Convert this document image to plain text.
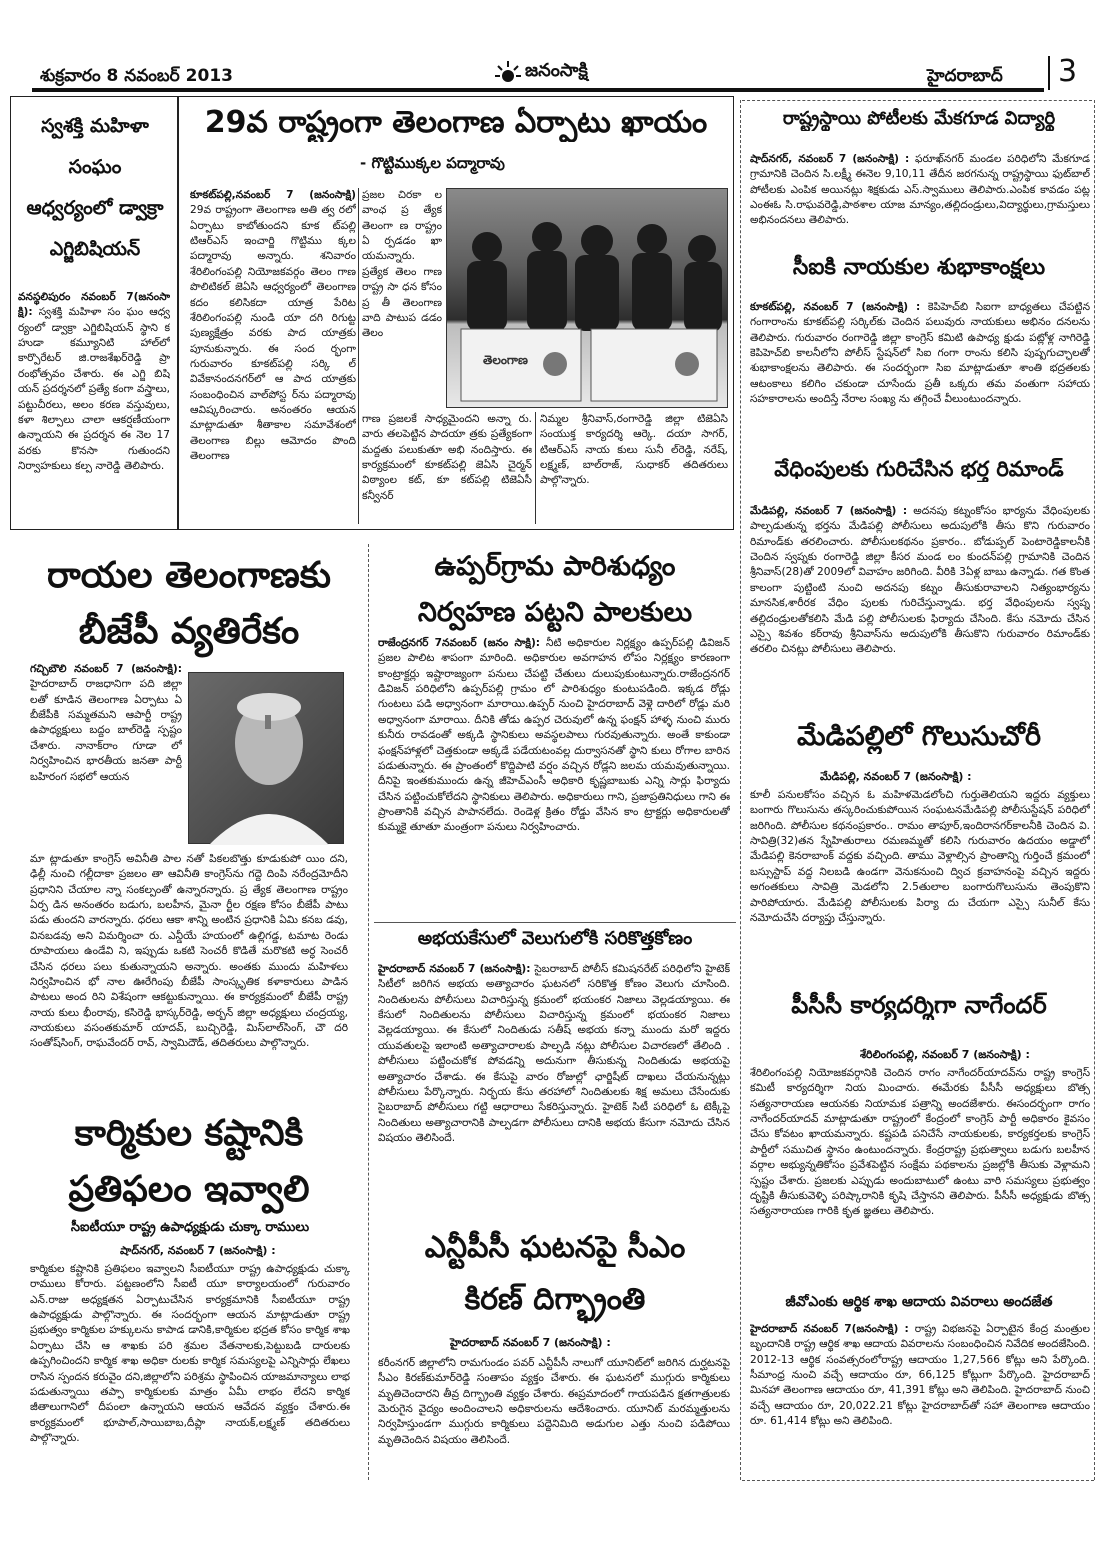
శుక్రవారం 8 నవంబర్ 2013	జనంసాక్షి	హైదరాబాద్ 3
స్వశక్తి మహిళా
సంఘం
ఆధ్వర్యంలో డ్వాక్రా
ఎగ్జిబిషియన్
వనస్థలిపురం నవంబర్ 7(జనంసా క్షి): స్వశక్తి మహిళా సం ఘం ఆధ్వ ర్యంలో డ్వాక్రా ఎగ్జిబిషియన్ స్థాని క హుడా కమ్యూనిటి హాల్‌లో కార్పొరేటర్ జి.రాజశేఖర్‌రెడ్డి ప్రా రంభోత్సవం చేశారు. ఈ ఎగ్జి బిషి యన్ ప్రదర్శనలో ప్రత్యే కంగా వస్త్రాలు, పట్టుచీరలు, అలం కరణ వస్తువులు, కళా శిల్పాలు చాలా ఆకర్షణీయంగా ఉన్నాయని ఈ ప్రదర్శన ఈ నెల 17 వరకు కొనసా గుతుందని నిర్వాహకులు కల్ప నారెడ్డి తెలిపారు.
29వ రాష్ట్రంగా తెలంగాణ ఏర్పాటు ఖాయం
- గొట్టిముక్కల పద్మారావు
కూకట్‌పల్లి,నవంబర్ 7 (జనంసాక్షి) 29వ రాష్ట్రంగా తెలంగాణ అతి త్వ రలో ఏర్పాటు కాబోతుందని కూక ట్‌పల్లి టిఆర్ఎస్ ఇంచార్జి గొట్టిము క్కల పద్మారావు అన్నారు. శనివారం శేరిలింగంపల్లి నియోజకవర్గం తెలం గాణ పొలిటికల్ జెఏసి ఆధ్వర్యంలో తెలంగాణ కదం కలిసికదా యాత్ర పేరిట శేరిలింగంపల్లి నుండి యా దగి రిగుట్ట పుణ్యక్షేత్రం వరకు పాద యాత్రకు పూనుకున్నారు. ఈ సంద ర్భంగా గురువారం కూకట్‌పల్లి సర్కి ల్ వివేకానందనగర్‌లో ఆ పాద యాత్రకు సంబంధించిన వాల్‌పోస్ట ర్‌ను పద్మారావు ఆవిష్కరించారు. అనంతరం ఆయన మాట్లాడుతూ శీతాకాల సమావేశంలో తెలంగాణ బిల్లు ఆమోదం పొంది తెలంగాణ
ప్రజల చిరకా ల వాంఛ ప్ర త్యేక తెలంగా ణ రాష్ట్రం ఏ ర్పడడం ఖా యమన్నారు. ప్రత్యేక తెలం గాణ రాష్ట్ర సా ధన కోసం ప్ర తీ తెలంగాణ వాది పాటుప డడం తెలం
గాణ ప్రజలకే సాధ్యమైందని అన్నా రు. వారు తలపెట్టిన పాదయా త్రకు ప్రత్యేకంగా మద్దతు పలుకుతూ అభి నందిస్తారు. ఈ కార్యక్రమంలో కూకట్‌పల్లి జెఏసి చైర్మన్ విఠ్యాంల కట్, కూ కట్‌పల్లి టిజెఏసీ కన్వీనర్
నిమ్మల శ్రీనివాస్,రంగారెడ్డి జిల్లా టిజెఏసి సంయుక్త కార్యదర్శి ఆర్కె. దయా సాగర్, టిఆర్ఎస్ నాయ కులు సునీ ల్‌రెడ్డి, నరేష్, లక్ష్మణ్, బాల్‌రాజ్, సుధాకర్ తదితరులు పాల్గొన్నారు.
తెలంగాణ
రాష్ట్రస్థాయి పోటీలకు మేకగూడ విద్యార్థి
షాద్‌నగర్, నవంబర్ 7 (జనంసాక్షి) : ఫరూఖ్‌నగర్ మండల పరిధిలోని మేకగూడ గ్రామానికి చెందిన సి.లక్ష్మీ ఈనెల 9,10,11 తేదీన జరగనున్న రాష్ట్రస్థాయి ఫుట్‌బాల్ పోటీలకు ఎంపిక అయినట్లు శిక్షకుడు ఎస్.స్వాములు తెలిపారు.ఎంపిక కావడం పట్ల ఎంఈఓ సి.రాఘవరెడ్డి,పాఠశాల యాజ మాన్యం,తల్లిదండ్రులు,విద్యార్థులు,గ్రామస్తులు అభినందనలు తెలిపారు.
సీఐకి నాయకుల శుభాకాంక్షలు
కూకట్‌పల్లి, నవంబర్ 7 (జనంసాక్షి) : కెపిహెచ్‌బి సిఐగా బాధ్యతలు చేపట్టిన గంగారాంను కూకట్‌పల్లి సర్కిల్‌కు చెందిన పలువురు నాయకులు అభినం దనలను తెలిపారు. గురువారం రంగారెడ్డి జిల్లా కాంగ్రెస్ కమిటి ఉపాధ్య క్షుడు పట్లోళ్ల నాగిరెడ్డి కెపిహెచ్‌బి కాలనీలోని పోలీస్ స్టేషన్‌లో సిఐ గంగా రాంను కలిసి పుష్పగుచ్ఛాలతో శుభాకాంక్షలను తెలిపారు. ఈ సందర్భంగా సిఐ మాట్లాడుతూ శాంతి భద్రతలకు ఆటంకాలు కలిగిం చకుండా చూసేందు ప్రతీ ఒక్కరు తమ వంతుగా సహాయ సహకారాలను అందిస్తే నేరాల సంఖ్య ను తగ్గించే వీలుంటుందన్నారు.
వేధింపులకు గురిచేసిన భర్త రిమాండ్
మేడిపల్లి, నవంబర్ 7 (జనంసాక్షి) : అదనపు కట్నంకోసం భార్యను వేధింపులకు పాల్పడుతున్న భర్తను మేడిపల్లి పోలీసులు అదుపులోకి తీసు కొని గురువారం రిమాండ్‌కు తరలించారు. పోలీసులకథనం ప్రకారం.. బోడుప్పల్ పెంటారెడ్డికాలనీకి చెందిన స్వప్నకు రంగారెడ్డి జిల్లా కీసర మండ లం కుందన్‌పల్లి గ్రామానికి చెందిన శ్రీనివాస్(28)తో 2009లో వివాహం జరిగింది. వీరికి 3ఏళ్ల బాబు ఉన్నాడు. గత కొంత కాలంగా పుట్టింటి నుంచి అదనపు కట్నం తీసుకురావాలని నిత్యంభార్యను మానసిక,శారీరక వేధిం పులకు గురిచేస్తున్నాడు. భర్త వేధింపులను స్వప్న తల్లిదండ్రులతోకలిసి మేడి పల్లి పోలీసులకు ఫిర్యాదు చేసింది. కేసు నమోదు చేసిన ఎస్సై శివశం కర్‌రావు శ్రీనివాస్‌ను అదుపులోకి తీసుకొని గురువారం రిమాండ్‌కు తరలిం చినట్లు పోలీసులు తెలిపారు.
మేడిపల్లిలో గొలుసుచోరీ
మేడిపల్లి, నవంబర్ 7 (జనంసాక్షి) :
కూలీ పనులకోసం వచ్చిన ఓ మహిళమెడలోంచి గుర్తుతెలియని ఇద్దరు వ్యక్తులు బంగారు గొలుసును తస్కరించుకుపోయిన సంఘటనమేడిపల్లి పోలీసుస్టేషన్ పరిధిలో జరిగింది. పోలీసుల కథనంప్రకారం.. రామం తాపూర్,ఇందిరానగర్‌కాలనీకి చెందిన వి. సావిత్రి(32)తన స్నేహితురాలు రమణమ్మతో కలిసి గురువారం ఉదయం అడ్డాలో మేడిపల్లి కెనరాబాంక్ వద్దకు వచ్చింది. తాము వెళ్లాల్సిన ప్రాంతాన్ని గుర్తించే క్రమంలో బస్సుస్టాప్ వద్ద నిలబడి ఉండగా వెనుకనుంచి ద్విచ క్రవాహనంపై వచ్చిన ఇద్దరు అగంతకులు సావిత్రి మెడలోని 2.5తులాల బంగారుగొలుసును తెంపుకొని పారిపోయారు. మేడిపల్లి పోలీసులకు పిర్యా దు చేయగా ఎస్సై సునీల్ కేసు నమోదుచేసి దర్యాప్తు చేస్తున్నారు.
పీసీసీ కార్యదర్శిగా నాగేందర్
శేరిలింగంపల్లి, నవంబర్ 7 (జనంసాక్షి) :
శేరిలింగంపల్లి నియోజకవర్గానికి చెందిన రాగం నాగేందర్‌యాదవ్‌ను రాష్ట్ర కాంగ్రెస్ కమిటీ కార్యదర్శిగా నియ మించారు. ఈమేరకు పీసీసీ అధ్యక్షులు బొత్స సత్యనారాయణ ఆయనకు నియామక పత్రాన్ని అందజేశారు. ఈసందర్భంగా రాగం నాగేందర్‌యాదవ్ మాట్లాడుతూ రాష్ట్రంలో కేంద్రంలో కాంగ్రెస్ పార్టీ అధికారం కైవసం చేసు కోవటం ఖాయమన్నారు. కష్టపడి పనిచేసే నాయకులకు, కార్యకర్తలకు కాంగ్రెస్ పార్టీలో సముచిత స్థానం ఉంటుందన్నారు. కేంద్రరాష్ట్ర ప్రభుత్వాలు బడుగు బలహీన వర్గాల అభ్యున్నతికోసం ప్రవేశపెట్టిన సంక్షేమ పథకాలను ప్రజల్లోకి తీసుకు వెళ్లామని స్పష్టం చేశారు. ప్రజలకు ఎప్పుడు అందుబాటులో ఉంటు వారి సమస్యలు ప్రభుత్వం దృష్టికి తీసుకువెళ్ళి పరిష్కారానికి కృషి చేస్తానని తెలిపారు. పీసీసీ అధ్యక్షుడు బొత్స సత్యనారాయణ గారికి కృత జ్ఞతలు తెలిపారు.
జీవోఎంకు ఆర్థిక శాఖ ఆదాయ వివరాలు అందజేత
హైదరాబాద్ నవంబర్ 7(జనంసాక్షి) : రాష్ట్ర విభజనపై ఏర్పాటైన కేంద్ర మంత్రుల బృందానికి రాష్ట్ర ఆర్థిక శాఖ ఆదాయ వివరాలను సంబంధించిన నివేదిక అందజేసింది. 2012-13 ఆర్థిక సంవత్సరంలోరాష్ట్ర ఆదాయం 1,27,566 కోట్లు అని పేర్కొంది. సీమాంధ్ర నుంచి వచ్చే ఆదాయం రూ, 66,125 కోట్లుగా పేర్కొంది. హైదరాబాద్ మినహా తెలంగాణ ఆదాయం రూ, 41,391 కోట్లు అని తెలిపింది. హైదరాబాద్ నుంచి వచ్చే ఆదాయం రూ, 20,022.21 కోట్లు హైదరాబాద్‌తో సహా తెలంగాణ ఆదాయం రూ. 61,414 కోట్లు అని తెలిపింది.
రాయల తెలంగాణకు
బీజేపీ వ్యతిరేకం
గచ్చిబౌలి నవంబర్ 7 (జనంసాక్షి): హైదరాబాద్ రాజధానిగా పది జిల్లా లతో కూడిన తెలంగాణ ఏర్పాటు ఏ బీజేపీకి సమ్మతమని ఆపార్టీ రాష్ట్ర ఉపాధ్యక్షులు బద్దం బాల్‌రెడ్డి స్పష్టం చేశారు. నానాక్‌రాం గూడా లో నిర్వహించిన భారతీయ జనతా పార్టీ బహిరంగ సభలో ఆయన
మా ట్లాడుతూ కాంగ్రెస్ అవినీతి పాల నతో పికలబొత్తు కూడుకుపో యిం దని, ఢిల్లీ నుంచి గల్లీదాకా ప్రజలం తా ఆవినీతి కాంగ్రెస్‌ను గద్దె దింపి నరేంద్రమోదీని ప్రధానిని చేయాల న్నా సంకల్పంతో ఉన్నారన్నారు. ప్ర త్యేక తెలంగాణ రాష్ట్రం ఏర్ప డిన అనంతరం బడుగు, బలహీన, మైనా ర్టీల రక్షణ కోసం బీజేపీ పాటు పడు తుందని వారన్నారు. ధరలు ఆకా శాన్ని అంటిన ప్రధానికి ఏమి కనబ డవు, వినబడవు అని విమర్శించా రు. ఎన్డీయే హయంలో ఉల్లిగడ్డ, టమాట రెండు రూపాయలు ఉండేవి ని, ఇప్పుడు ఒకటి సెంచరీ కొడితే మరొకటి అర్ధ సెంచరీ చేసిన ధరలు పలు కుతున్నాయని అన్నారు. అంతకు ముందు మహిళలు నిర్వహించిన భో నాల ఊరేగింపు బీజేపీ సాంస్కృతిక కళాకారులు పాడిన పాటలు అంద రిని విశేషంగా ఆకట్టుకున్నాయి. ఈ కార్యక్రమంలో బీజేపీ రాష్ట్ర నాయ కులు భీంరావు, కసిరెడ్డి భాస్కర్‌రెడ్డి, అర్బన్ జిల్లా అధ్యక్షులు చంద్రయ్య, నాయకులు వసంతకుమార్ యాదవ్, బుచ్చిరెడ్డి, మిస్‌లాల్‌సింగ్, చౌ దరి సంతోష్‌సింగ్, రాఘవేందర్ రావ్, స్వామిదౌడ్, తదితరులు పాల్గొన్నారు.
కార్మికుల కష్టానికి
ప్రతిఫలం ఇవ్వాలి
సీఐటీయూ రాష్ట్ర ఉపాధ్యక్షుడు చుక్కా రాములు
షాద్‌నగర్, నవంబర్ 7 (జనంసాక్షి) :
కార్మికుల కష్టానికి ప్రతిఫలం ఇవ్వాలని సీఐటీయూ రాష్ట్ర ఉపాధ్యక్షుడు చుక్కా రాములు కోరారు. పట్టణంలోని సీఐటీ యూ కార్యాలయంలో గురువారం ఎన్.రాజు అధ్యక్షతన ఏర్పాటుచేసిన కార్యక్రమానికి సీఐటీయూ రాష్ట్ర ఉపాధ్యక్షుడు పాల్గొన్నారు. ఈ సందర్భంగా ఆయన మాట్లాడుతూ రాష్ట్ర ప్రభుత్వం కార్మికుల హక్కులను కాపాడ డానికి,కార్మికుల భద్రత కోసం కార్మిక శాఖ ఏర్పాటు చేసి ఆ శాఖకు పరి శ్రమల వేతనాలకు,పెట్టుబడి దారులకు ఉప్పగించిందని కార్మిక శాఖ అధికా రులకు కార్మిక సమస్యలపై ఎన్నిసార్లు లేఖలు రాసిన స్పందన కరువైం దని,జిల్లాలోని పరిశ్రమ స్థాపించిన యాజమాన్యాలు లాభ పడుతున్నాయి తప్పా కార్మికులకు మాత్రం ఏమీ లాభం లేదని కార్మిక జీతాలుగానిలో దీపంలా ఉన్నాయని ఆయన ఆవేదన వ్యక్తం చేశారు.ఈ కార్యక్రమంలో భూపాల్,సాయిబాబ,దీప్లా నాయక్,లక్ష్మణ్ తదితరులు పాల్గొన్నారు.
ఉప్పర్‌గ్రామ పారిశుధ్యం
నిర్వహణ పట్టని పాలకులు
రాజేంద్రనగర్ 7నవంబర్ (జనం సాక్షి): నీటి అధికారుల నిర్లక్ష్యం ఉప్పర్‌పల్లి డివిజన్ ప్రజల పాలిట శాపంగా మారింది. అధికారుల అవగాహన లోపం నిర్లక్ష్యం కారణంగా కాంట్రాక్టర్లు ఇష్టారాజ్యంగా పనులు చేపట్టి చేతులు దులుపుకుంటున్నారు.రాజేంద్రనగర్ డివిజన్ పరిధిలోని ఉప్పర్‌పల్లి గ్రామం లో పారిశుధ్యం కుంటుపడింది. ఇక్కడ రోడ్లు గుంటలు పడి అధ్వానంగా మారాయి.ఉప్పర్ నుంచి హైదరాబాద్ వెళ్లె దారిలో రోడ్లు మరి అధ్వానంగా మారాయి. దీనికి తోడు ఉప్పర చెరువులో ఉన్న ఫంక్షన్ హాళ్ళ నుంచి మురు కునీరు రావడంతో అక్కడి స్థానికులు అవస్థలపాలు గురవుతున్నారు. అంతే కాకుండా ఫంక్షన్‌హాళ్లలో చెత్తకుండా అక్కడే పడేయటంవల్ల దుర్వాసనతో స్థాని కులు రోగాల బారిన పడుతున్నారు. ఈ ప్రాంతంలో కొద్దిపాటి వర్షం వచ్చిన రోడ్లని జలమ యమవుతున్నాయి. దీనిపై ఇంతకుముందు ఉన్న జీహెచ్ఎంసీ అధికారి కృష్ణబాబుకు ఎన్ని సార్లు ఫిర్యాదు చేసిన పట్టించుకోలేదని స్థానికులు తెలిపారు. అధికారులు గాని, ప్రజాప్రతినిధులు గాని ఈ ప్రాంతానికి వచ్చిన పాపానలేదు. రెండెళ్ల క్రితం రోడ్డు వేసిన కాం ట్రాక్టర్లు అధికారులతో కుమ్మకై తూతూ మంత్రంగా పనులు నిర్వహించారు.
అభయకేసులో వెలుగులోకి సరికొత్తకోణం
హైదరాబాద్ నవంబర్ 7 (జనంసాక్షి): సైబరాబాద్ పోలీస్ కమిషనరేట్ పరిధిలోని హైటెక్ సిటీలో జరిగిన అభయ అత్యాచారం ఘటనలో సరికొత్త కోణం వెలుగు చూసింది. నిందితులను పోలీసులు విచారిస్తున్న క్రమంలో భయంకర నిజాలు వెల్లడయ్యాయి. ఈ కేసులో నిందితులను పోలీసులు విచారిస్తున్న క్రమంలో భయంకర నిజాలు వెల్లడయ్యాయి. ఈ కేసులో నిందితుడు సతీష్ అభయ కన్నా ముందు మరో ఇద్దరు యువతులపై ఇలాంటి అత్యాచారాలకు పాల్పడి నట్లు పోలీసుల విచారణలో తేలింది . పోలీసులు పట్టించుకోక పోవడన్ని అదునుగా తీసుకున్న నిందితుడు అభయపై అత్యాచారం చేశాడు. ఈ కేసుపై వారం రోజుల్లో ఛార్జిషీట్ దాఖలు చేయనున్నట్లు పోలీసులు పేర్కొన్నారు. నిర్భయ కేసు తరహాలో నిందితులకు శిక్ష అమలు చేసేందుకు సైబరాబాద్ పోలీసులు గట్టి ఆధారాలు సేకరిస్తున్నారు. హైటెక్ సిటీ పరిధిలో ఓ టెక్కీపై నిందితులు అత్యాచారానికి పాల్పడగా పోలీసులు దానికి అభయ కేసుగా నమోదు చేసిన విషయం తెలిసిందే.
ఎన్టీపీసీ ఘటనపై సీఎం
కిరణ్ దిగ్భ్రాంతి
హైదరాబాద్ నవంబర్ 7 (జనంసాక్షి) :
కరీంనగర్ జిల్లాలోని రామగుండం పవర్ ఎన్టీపీసీ నాలుగో యూనిట్‌లో జరిగిన దుర్ఘటనపై సీఎం కిరణ్‌కుమార్‌రెడ్డి సంతాపం వ్యక్తం చేశారు. ఈ ఘటనలో ముగ్గురు కార్మికులు మృతిచెందారని తీవ్ర దిగ్భ్రాంతి వ్యక్తం చేశారు. ఈప్రమాదంలో గాయపడిన క్షతగాత్రులకు మెరుగైన వైద్యం అందించాలని అధికారులను ఆదేశించారు. యూనిట్ మరమ్మత్తులను నిర్వహిస్తుండగా ముగ్గురు కార్మికులు పద్దెనిమిది అడుగుల ఎత్తు నుంచి పడిపోయి మృతిచెందిన విషయం తెలిసిందే.
